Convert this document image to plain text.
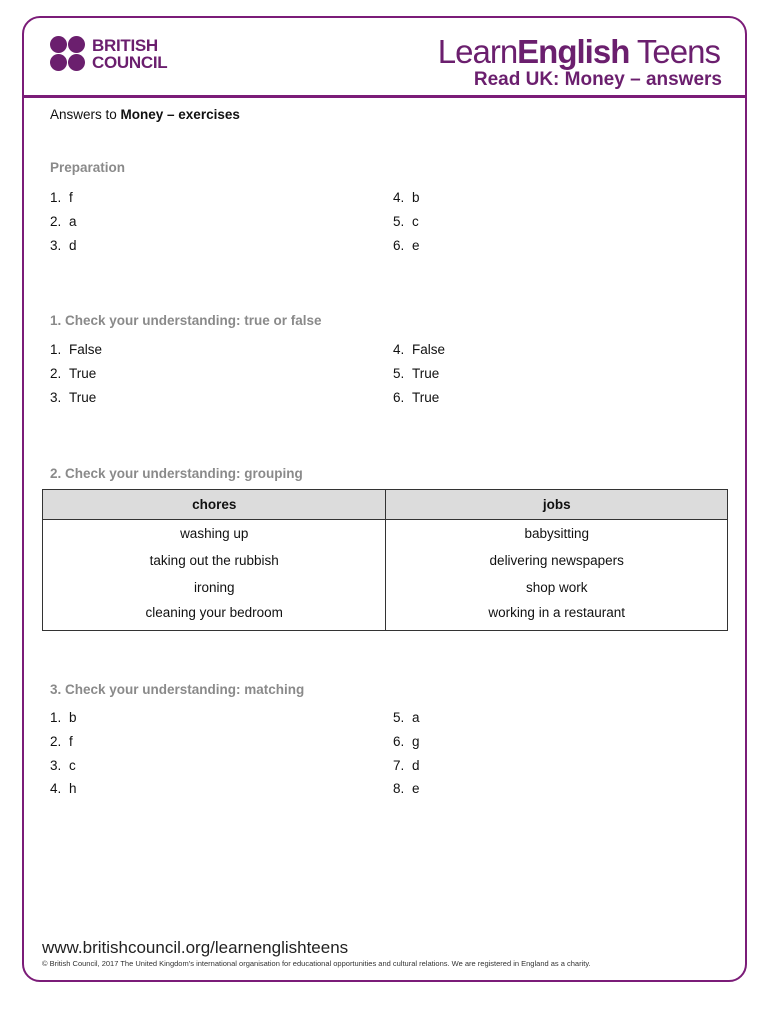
BRITISH
COUNCIL	LearnEnglish Teens
Read UK: Money – answers
Answers to Money – exercises
Preparation
1. f
2. a
3. d
4. b
5. c
6. e
1. Check your understanding: true or false
1. False
2. True
3. True
4. False
5. True
6. True
2. Check your understanding: grouping
chores	jobs
washing up	babysitting
taking out the rubbish	delivering newspapers
ironing	shop work
cleaning your bedroom	working in a restaurant
3. Check your understanding: matching
1. b
2. f
3. c
4. h
5. a
6. g
7. d
8. e
www.britishcouncil.org/learnenglishteens
© British Council, 2017 The United Kingdom’s international organisation for educational opportunities and cultural relations. We are registered in England as a charity.
